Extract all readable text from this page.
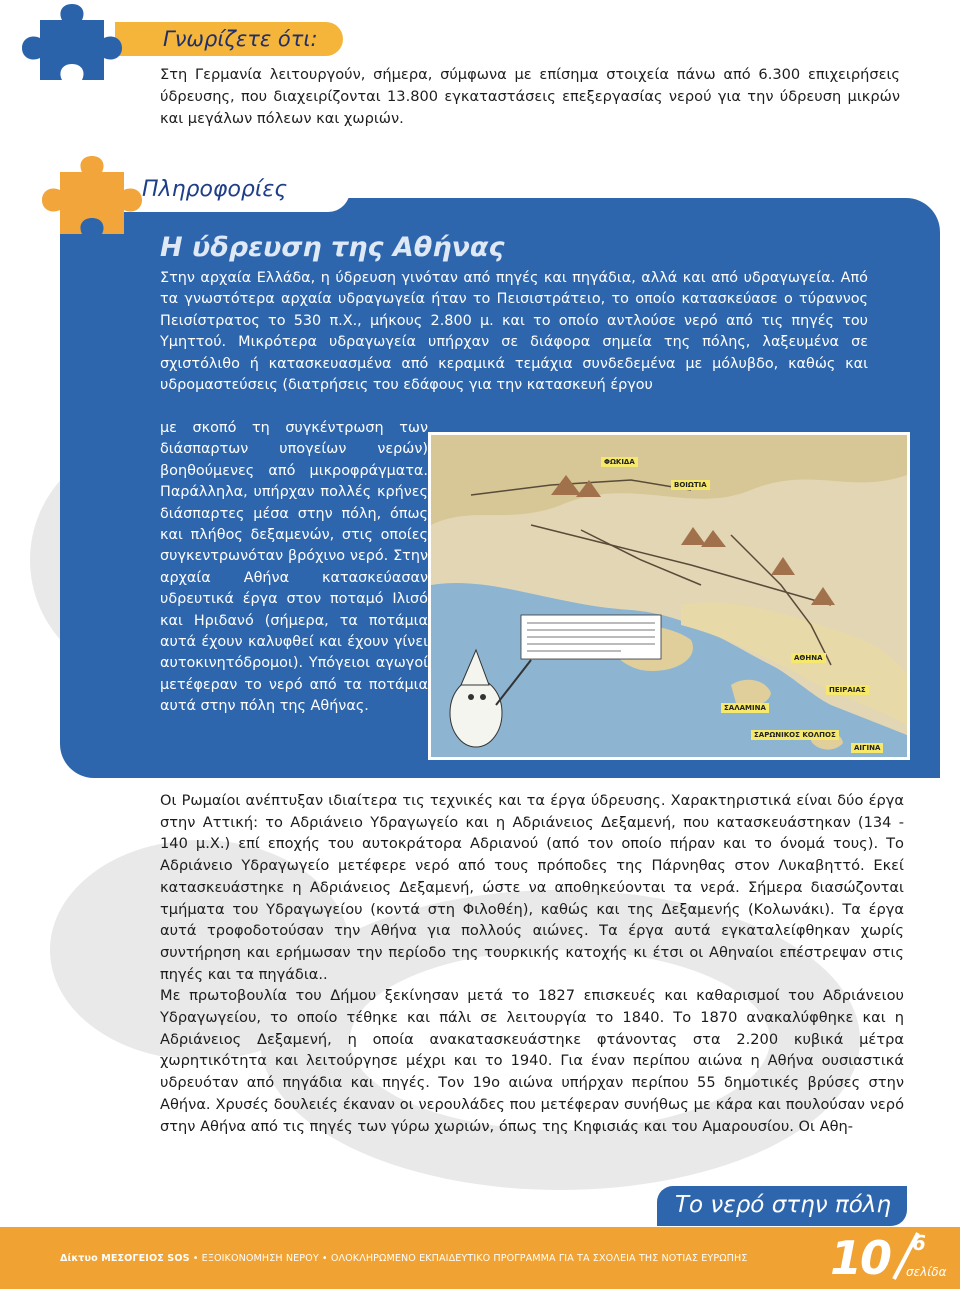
Γνωρίζετε ότι:
Στη Γερμανία λειτουργούν, σήμερα, σύμφωνα με επίσημα στοιχεία πάνω από 6.300 επιχειρήσεις ύδρευσης, που διαχειρίζονται 13.800 εγκαταστάσεις επεξεργασίας νερού για την ύδρευση μικρών και μεγάλων πόλεων και χωριών.
Πληροφορίες
Η ύδρευση της Αθήνας
Στην αρχαία Ελλάδα, η ύδρευση γινόταν από πηγές και πηγάδια, αλλά και από υδραγωγεία. Από τα γνωστότερα αρχαία υδραγωγεία ήταν το Πεισιστράτειο, το οποίο κατασκεύασε ο τύραννος Πεισίστρατος το 530 π.Χ., μήκους 2.800 μ. και το οποίο αντλούσε νερό από τις πηγές του Υμηττού. Μικρότερα υδραγωγεία υπήρχαν σε διάφορα σημεία της πόλης, λαξευμένα σε σχιστόλιθο ή κατασκευασμένα από κεραμικά τεμάχια συνδεδεμένα με μόλυβδο, καθώς και υδρομαστεύσεις (διατρήσεις του εδάφους για την κατασκευή έργου
με σκοπό τη συγκέντρωση των διάσπαρτων υπογείων νερών) βοηθούμενες από μικροφράγματα. Παράλληλα, υπήρχαν πολλές κρήνες διάσπαρτες μέσα στην πόλη, όπως και πλήθος δεξαμενών, στις οποίες συγκεντρωνόταν βρόχινο νερό. Στην αρχαία Αθήνα κατασκεύασαν υδρευτικά έργα στον ποταμό Ιλισό και Ηριδανό (σήμερα, τα ποτάμια αυτά έχουν καλυφθεί και έχουν γίνει αυτοκινητόδρομοι). Υπόγειοι αγωγοί μετέφεραν το νερό από τα ποτάμια αυτά στην πόλη της Αθήνας.
ΦΩΚΙΔΑ
ΒΟΙΩΤΙΑ
ΑΘΗΝΑ
ΣΑΛΑΜΙΝΑ
ΠΕΙΡΑΙΑΣ
ΣΑΡΩΝΙΚΟΣ ΚΟΛΠΟΣ
ΑΙΓΙΝΑ
Οι Ρωμαίοι ανέπτυξαν ιδιαίτερα τις τεχνικές και τα έργα ύδρευσης. Χαρακτηριστικά είναι δύο έργα στην Αττική: το Αδριάνειο Υδραγωγείο και η Αδριάνειος Δεξαμενή, που κατασκευάστηκαν (134 - 140 μ.Χ.) επί εποχής του αυτοκράτορα Αδριανού (από τον οποίο πήραν και το όνομά τους). Το Αδριάνειο Υδραγωγείο μετέφερε νερό από τους πρόποδες της Πάρνηθας στον Λυκαβηττό. Εκεί κατασκευάστηκε η Αδριάνειος Δεξαμενή, ώστε να αποθηκεύονται τα νερά. Σήμερα διασώζονται τμήματα του Υδραγωγείου (κοντά στη Φιλοθέη), καθώς και της Δεξαμενής (Κολωνάκι). Τα έργα αυτά τροφοδοτούσαν την Αθήνα για πολλούς αιώνες. Τα έργα αυτά εγκαταλείφθηκαν χωρίς συντήρηση και ερήμωσαν την περίοδο της τουρκικής κατοχής κι έτσι οι Αθηναίοι επέστρεψαν στις πηγές και τα πηγάδια..
Με πρωτοβουλία του Δήμου ξεκίνησαν μετά το 1827 επισκευές και καθαρισμοί του Αδριάνειου Υδραγωγείου, το οποίο τέθηκε και πάλι σε λειτουργία το 1840. Το 1870 ανακαλύφθηκε και η Αδριάνειος Δεξαμενή, η οποία ανακατασκευάστηκε φτάνοντας στα 2.200 κυβικά μέτρα χωρητικότητα και λειτούργησε μέχρι και το 1940. Για έναν περίπου αιώνα η Αθήνα ουσιαστικά υδρευόταν από πηγάδια και πηγές. Τον 19ο αιώνα υπήρχαν περίπου 55 δημοτικές βρύσες στην Αθήνα. Χρυσές δουλειές έκαναν οι νερουλάδες που μετέφεραν συνήθως με κάρα και πουλούσαν νερό στην Αθήνα από τις πηγές των γύρω χωριών, όπως της Κηφισιάς και του Αμαρουσίου. Οι Αθη-
Το νερό στην πόλη
Δίκτυο ΜΕΣΟΓΕΙΟΣ SOS • ΕΞΟΙΚΟΝΟΜΗΣΗ ΝΕΡΟΥ • ΟΛΟΚΛΗΡΩΜΕΝΟ ΕΚΠΑΙΔΕΥΤΙΚΟ ΠΡΟΓΡΑΜΜΑ ΓΙΑ ΤΑ ΣΧΟΛΕΙΑ ΤΗΣ ΝΟΤΙΑΣ ΕΥΡΩΠΗΣ 10 6
σελίδα
